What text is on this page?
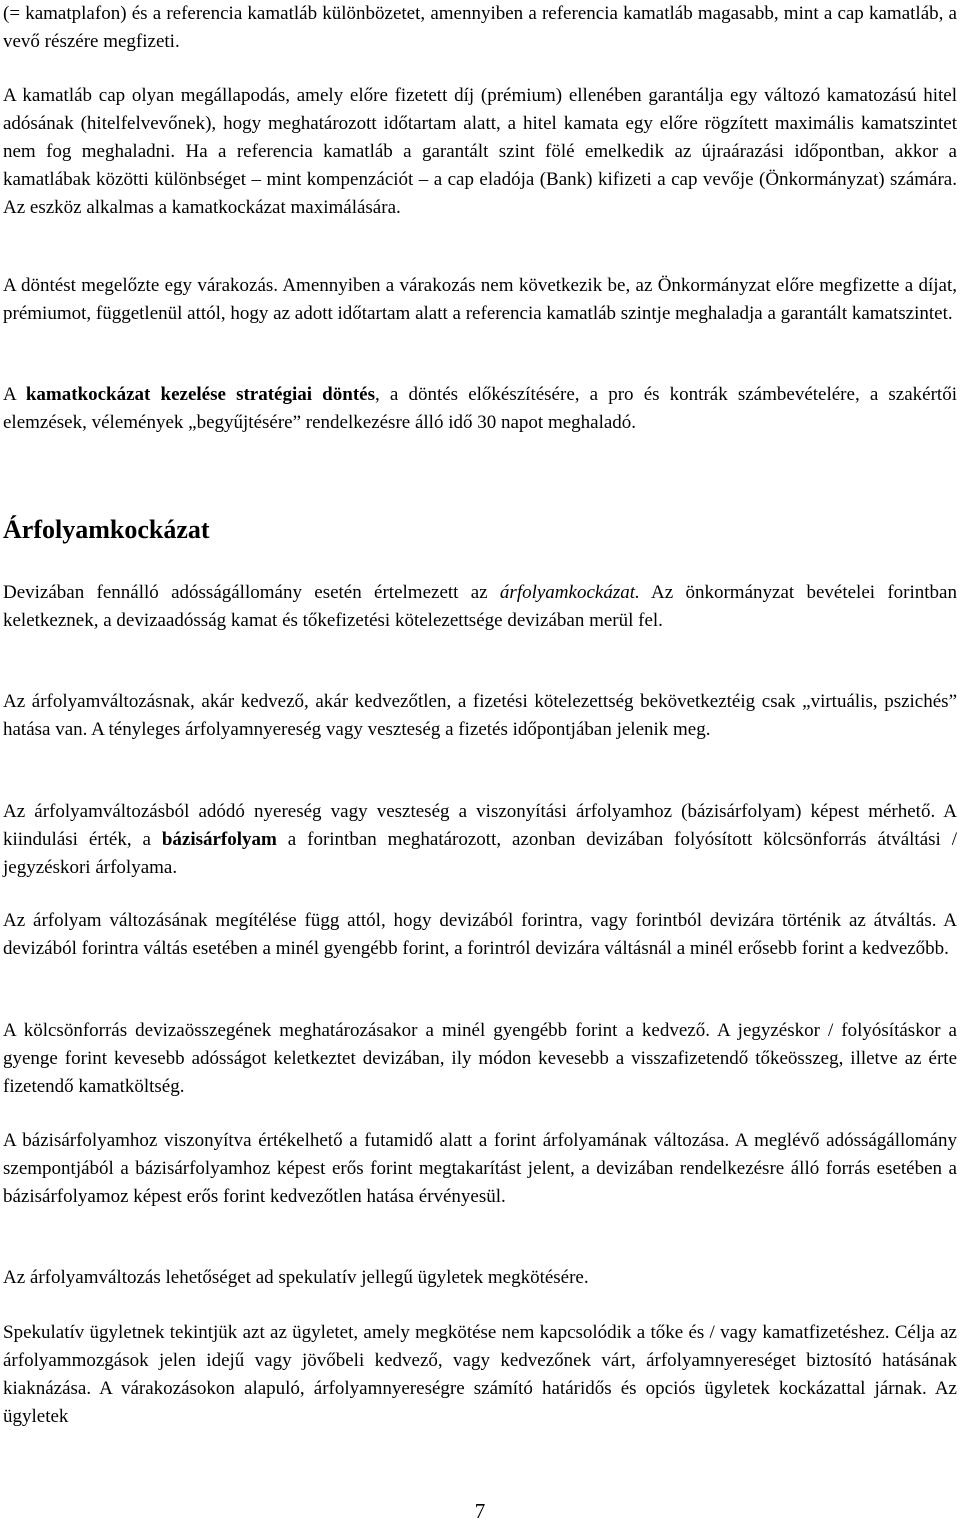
(= kamatplafon) és a referencia kamatláb különbözetet, amennyiben a referencia kamatláb magasabb, mint a cap kamatláb, a vevő részére megfizeti.

A kamatláb cap olyan megállapodás, amely előre fizetett díj (prémium) ellenében garantálja egy változó kamatozású hitel adósának (hitelfelvevőnek), hogy meghatározott időtartam alatt, a hitel kamata egy előre rögzített maximális kamatszintet nem fog meghaladni. Ha a referencia kamatláb a garantált szint fölé emelkedik az újraárazási időpontban, akkor a kamatlábak közötti különbséget – mint kompenzációt – a cap eladója (Bank) kifizeti a cap vevője (Önkormányzat) számára. Az eszköz alkalmas a kamatkockázat maximálására.

A döntést megelőzte egy várakozás. Amennyiben a várakozás nem következik be, az Önkormányzat előre megfizette a díjat, prémiumot, függetlenül attól, hogy az adott időtartam alatt a referencia kamatláb szintje meghaladja a garantált kamatszintet.

A kamatkockázat kezelése stratégiai döntés, a döntés előkészítésére, a pro és kontrák számbevételére, a szakértői elemzések, vélemények „begyűjtésére” rendelkezésre álló idő 30 napot meghaladó.

Árfolyamkockázat

Devizában fennálló adósságállomány esetén értelmezett az árfolyamkockázat. Az önkormányzat bevételei forintban keletkeznek, a devizaadósság kamat és tőkefizetési kötelezettsége devizában merül fel.

Az árfolyamváltozásnak, akár kedvező, akár kedvezőtlen, a fizetési kötelezettség bekövetkeztéig csak „virtuális, pszichés” hatása van. A tényleges árfolyamnyereség vagy veszteség a fizetés időpontjában jelenik meg.

Az árfolyamváltozásból adódó nyereség vagy veszteség a viszonyítási árfolyamhoz (bázisárfolyam) képest mérhető. A kiindulási érték, a bázisárfolyam a forintban meghatározott, azonban devizában folyósított kölcsönforrás átváltási / jegyzéskori árfolyama.

Az árfolyam változásának megítélése függ attól, hogy devizából forintra, vagy forintból devizára történik az átváltás. A devizából forintra váltás esetében a minél gyengébb forint, a forintról devizára váltásnál a minél erősebb forint a kedvezőbb.

A kölcsönforrás devizaösszegének meghatározásakor a minél gyengébb forint a kedvező. A jegyzéskor / folyósításkor a gyenge forint kevesebb adósságot keletkeztet devizában, ily módon kevesebb a visszafizetendő tőkeösszeg, illetve az érte fizetendő kamatköltség.

A bázisárfolyamhoz viszonyítva értékelhető a futamidő alatt a forint árfolyamának változása. A meglévő adósságállomány szempontjából a bázisárfolyamhoz képest erős forint megtakarítást jelent, a devizában rendelkezésre álló forrás esetében a bázisárfolyamoz képest erős forint kedvezőtlen hatása érvényesül.

Az árfolyamváltozás lehetőséget ad spekulatív jellegű ügyletek megkötésére.

Spekulatív ügyletnek tekintjük azt az ügyletet, amely megkötése nem kapcsolódik a tőke és / vagy kamatfizetéshez. Célja az árfolyammozgások jelen idejű vagy jövőbeli kedvező, vagy kedvezőnek várt, árfolyamnyereséget biztosító hatásának kiaknázása. A várakozásokon alapuló, árfolyamnyereségre számító határidős és opciós ügyletek kockázattal járnak. Az ügyletek

7
